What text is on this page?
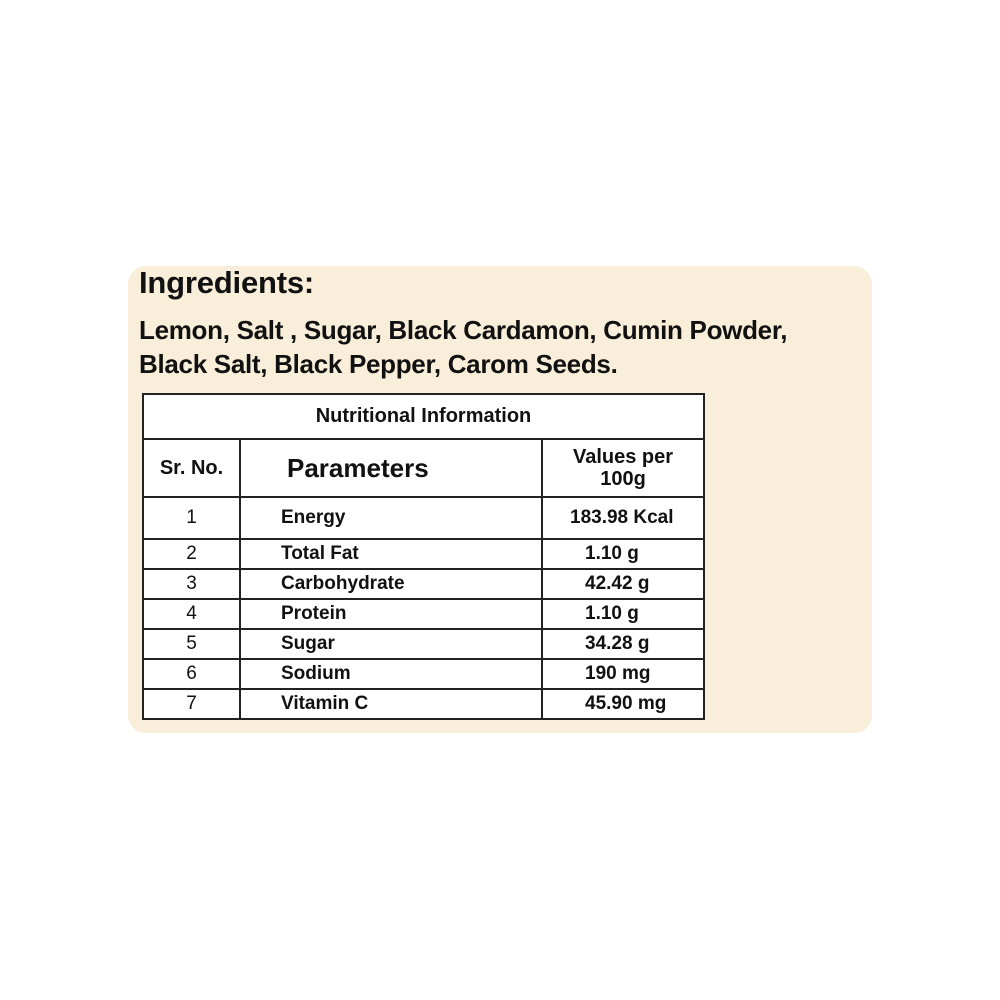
Ingredients:

Lemon, Salt , Sugar, Black Cardamon, Cumin Powder,
Black Salt, Black Pepper, Carom Seeds.

Nutritional Information		
Sr. No.	Parameters	Values per
100g
1	Energy	183.98 Kcal
2	Total Fat	1.10 g
3	Carbohydrate	42.42 g
4	Protein	1.10 g
5	Sugar	34.28 g
6	Sodium	190 mg
7	Vitamin C	45.90 mg
